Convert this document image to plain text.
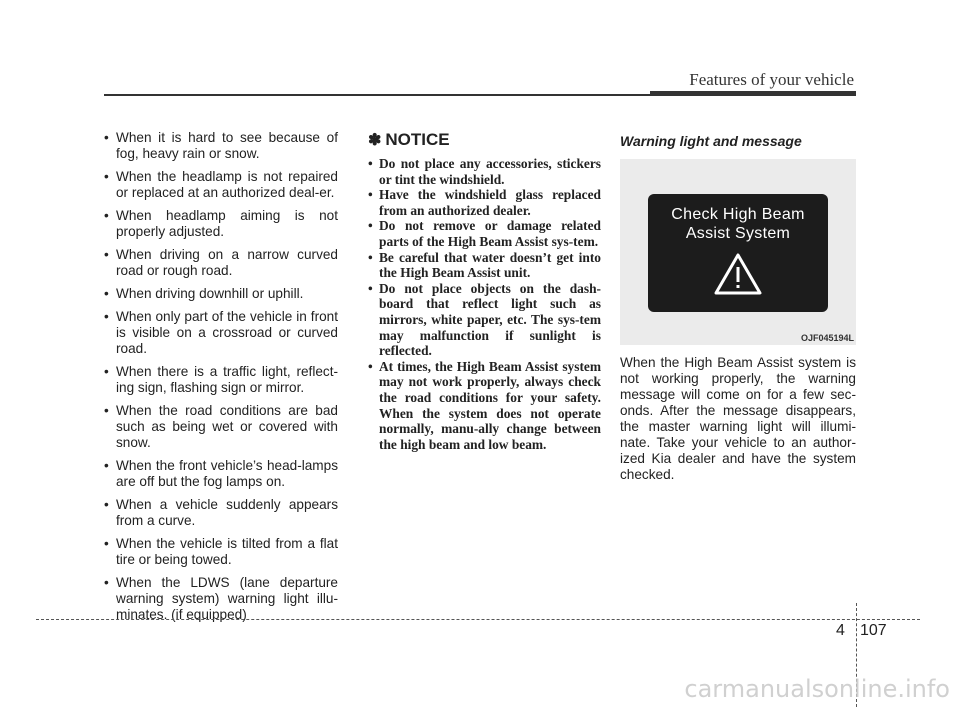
Features of your vehicle
• When it is hard to see because of fog, heavy rain or snow.
• When the headlamp is not repaired or replaced at an authorized deal-er.
• When headlamp aiming is not properly adjusted.
• When driving on a narrow curved road or rough road.
• When driving downhill or uphill.
• When only part of the vehicle in front is visible on a crossroad or curved road.
• When there is a traffic light, reflect-ing sign, flashing sign or mirror.
• When the road conditions are bad such as being wet or covered with snow.
• When the front vehicle’s head-lamps are off but the fog lamps on.
• When a vehicle suddenly appears from a curve.
• When the vehicle is tilted from a flat tire or being towed.
• When the LDWS (lane departure warning system) warning light illu-minates. (if equipped)
✽ NOTICE
• Do not place any accessories, stickers or tint the windshield.
• Have the windshield glass replaced from an authorized dealer.
• Do not remove or damage related parts of the High Beam Assist sys-tem.
• Be careful that water doesn’t get into the High Beam Assist unit.
• Do not place objects on the dash-board that reflect light such as mirrors, white paper, etc. The sys-tem may malfunction if sunlight is reflected.
• At times, the High Beam Assist system may not work properly, always check the road conditions for your safety. When the system does not operate normally, manu-ally change between the high beam and low beam.
Warning light and message
Check High Beam
Assist System
OJF045194L
When the High Beam Assist system is not working properly, the warning message will come on for a few sec-onds. After the message disappears, the master warning light will illumi-nate. Take your vehicle to an author-ized Kia dealer and have the system checked.
4 107
carmanualsonline.info
